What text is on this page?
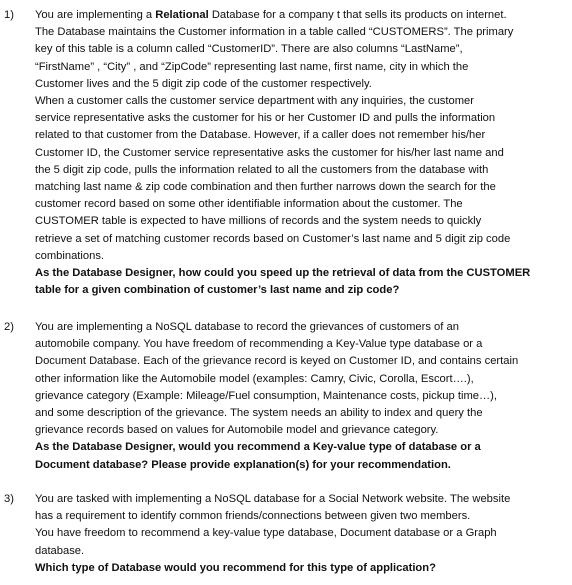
1) You are implementing a Relational Database for a company t that sells its products on internet.
The Database maintains the Customer information in a table called “CUSTOMERS”. The primary
key of this table is a column called “CustomerID”. There are also columns “LastName”,
“FirstName” , “City” , and “ZipCode” representing last name, first name, city in which the
Customer lives and the 5 digit zip code of the customer respectively.
When a customer calls the customer service department with any inquiries, the customer
service representative asks the customer for his or her Customer ID and pulls the information
related to that customer from the Database. However, if a caller does not remember his/her
Customer ID, the Customer service representative asks the customer for his/her last name and
the 5 digit zip code, pulls the information related to all the customers from the database with
matching last name & zip code combination and then further narrows down the search for the
customer record based on some other identifiable information about the customer. The
CUSTOMER table is expected to have millions of records and the system needs to quickly
retrieve a set of matching customer records based on Customer’s last name and 5 digit zip code
combinations.
As the Database Designer, how could you speed up the retrieval of data from the CUSTOMER
table for a given combination of customer’s last name and zip code?
2) You are implementing a NoSQL database to record the grievances of customers of an
automobile company. You have freedom of recommending a Key-Value type database or a
Document Database. Each of the grievance record is keyed on Customer ID, and contains certain
other information like the Automobile model (examples: Camry, Civic, Corolla, Escort….),
grievance category (Example: Mileage/Fuel consumption, Maintenance costs, pickup time…),
and some description of the grievance. The system needs an ability to index and query the
grievance records based on values for Automobile model and grievance category.
As the Database Designer, would you recommend a Key-value type of database or a
Document database? Please provide explanation(s) for your recommendation.
3) You are tasked with implementing a NoSQL database for a Social Network website. The website
has a requirement to identify common friends/connections between given two members.
You have freedom to recommend a key-value type database, Document database or a Graph
database.
Which type of Database would you recommend for this type of application?
